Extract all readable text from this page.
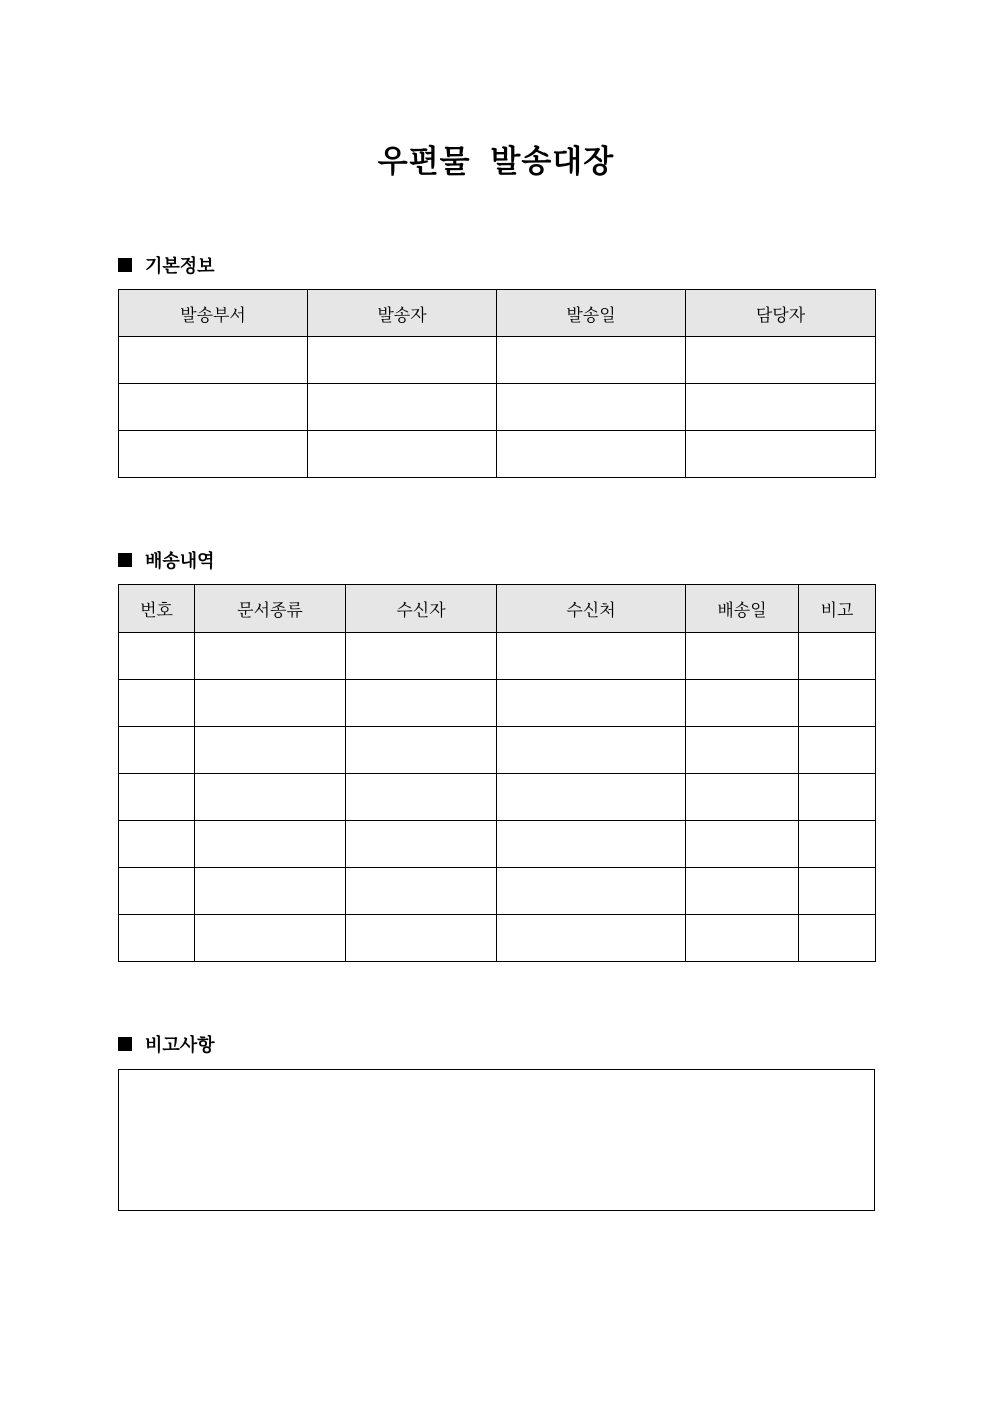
우편물 발송대장
기본정보
발송부서	발송자	발송일	담당자

배송내역
번호	문서종류	수신자	수신처	배송일	비고

비고사항
